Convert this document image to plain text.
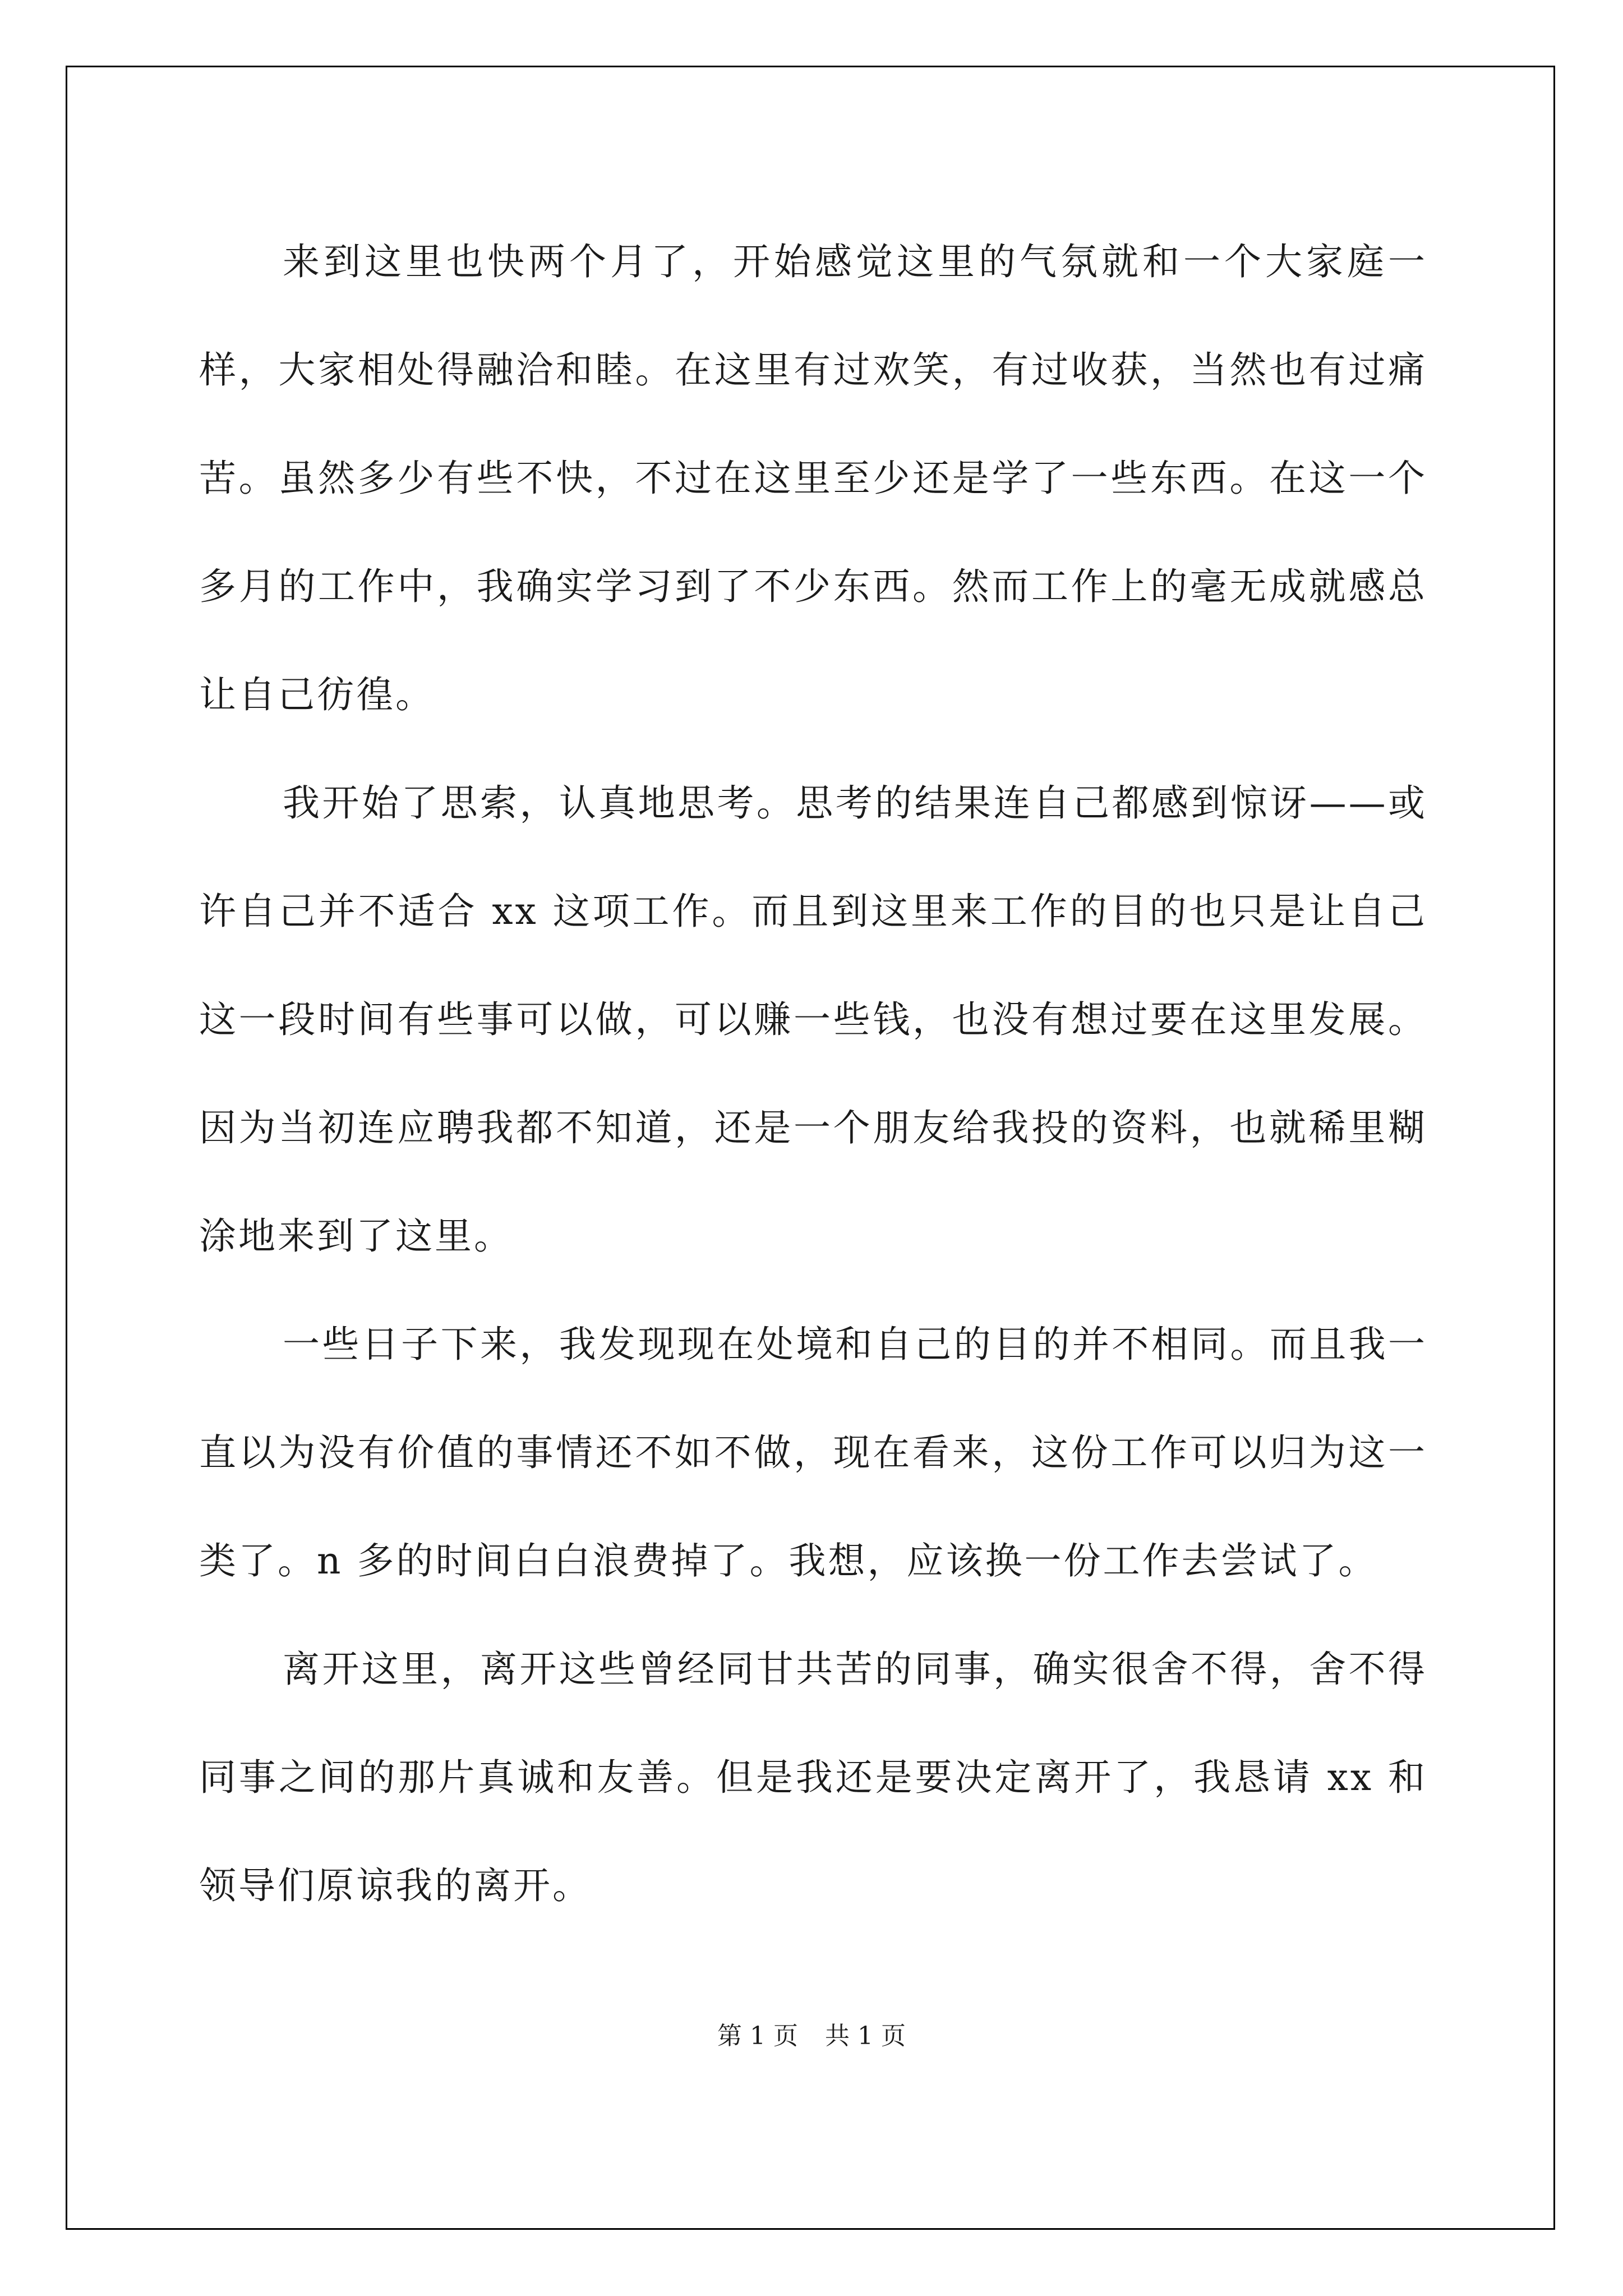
来到这里也快两个月了，开始感觉这里的气氛就和一个大家庭一样，大家相处得融洽和睦。在这里有过欢笑，有过收获，当然也有过痛苦。虽然多少有些不快，不过在这里至少还是学了一些东西。在这一个多月的工作中，我确实学习到了不少东西。然而工作上的毫无成就感总让自己彷徨。

我开始了思索，认真地思考。思考的结果连自己都感到惊讶——或许自己并不适合 xx 这项工作。而且到这里来工作的目的也只是让自己这一段时间有些事可以做，可以赚一些钱，也没有想过要在这里发展。因为当初连应聘我都不知道，还是一个朋友给我投的资料，也就稀里糊涂地来到了这里。

一些日子下来，我发现现在处境和自己的目的并不相同。而且我一直以为没有价值的事情还不如不做，现在看来，这份工作可以归为这一类了。n 多的时间白白浪费掉了。我想，应该换一份工作去尝试了。

离开这里，离开这些曾经同甘共苦的同事，确实很舍不得，舍不得同事之间的那片真诚和友善。但是我还是要决定离开了，我恳请 xx 和领导们原谅我的离开。

第 1 页 共 1 页
